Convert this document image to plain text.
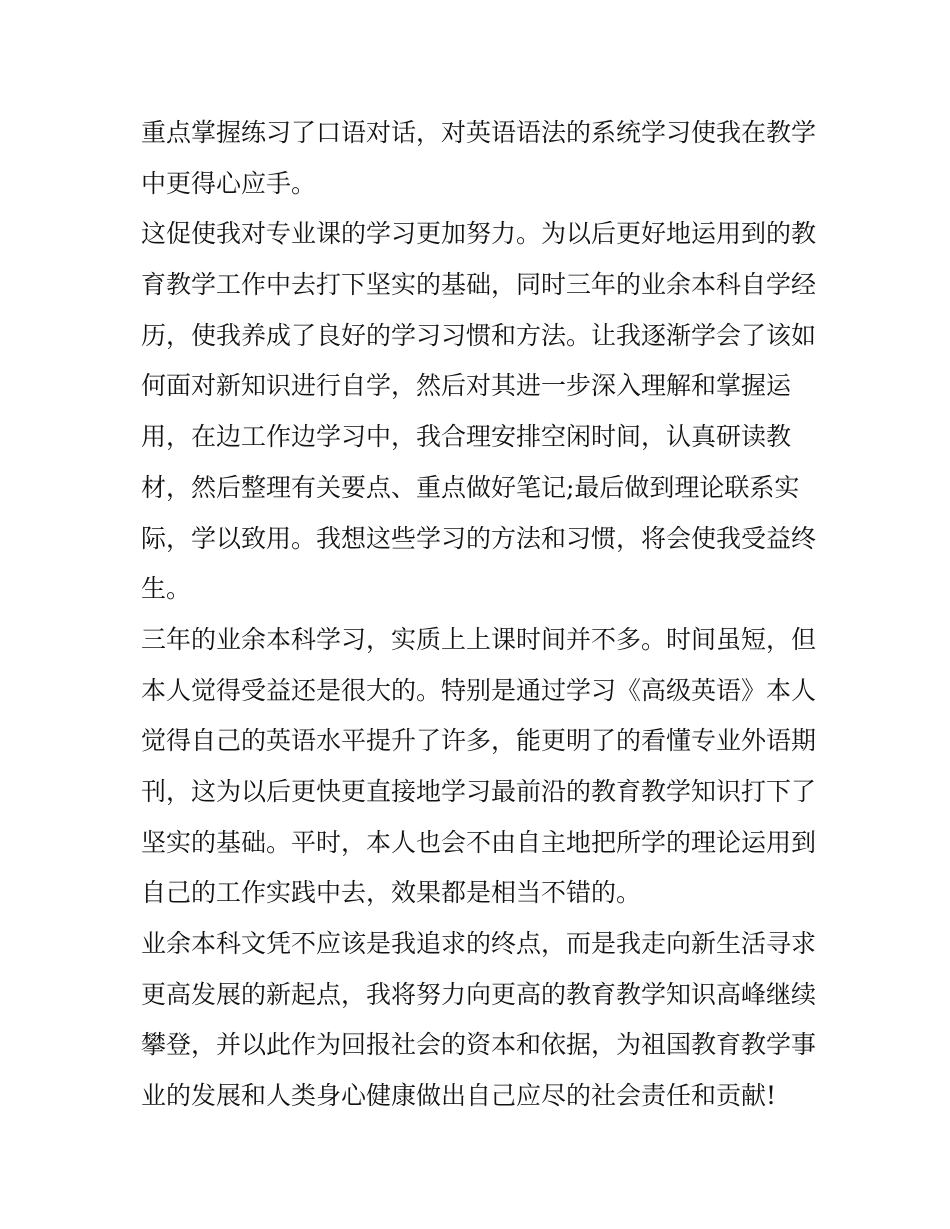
重点掌握练习了口语对话，对英语语法的系统学习使我在教学
中更得心应手。
这促使我对专业课的学习更加努力。为以后更好地运用到的教
育教学工作中去打下坚实的基础，同时三年的业余本科自学经
历，使我养成了良好的学习习惯和方法。让我逐渐学会了该如
何面对新知识进行自学，然后对其进一步深入理解和掌握运
用，在边工作边学习中，我合理安排空闲时间，认真研读教
材，然后整理有关要点、重点做好笔记;最后做到理论联系实
际，学以致用。我想这些学习的方法和习惯，将会使我受益终
生。
三年的业余本科学习，实质上上课时间并不多。时间虽短，但
本人觉得受益还是很大的。特别是通过学习《高级英语》本人
觉得自己的英语水平提升了许多，能更明了的看懂专业外语期
刊，这为以后更快更直接地学习最前沿的教育教学知识打下了
坚实的基础。平时，本人也会不由自主地把所学的理论运用到
自己的工作实践中去，效果都是相当不错的。
业余本科文凭不应该是我追求的终点，而是我走向新生活寻求
更高发展的新起点，我将努力向更高的教育教学知识高峰继续
攀登，并以此作为回报社会的资本和依据，为祖国教育教学事
业的发展和人类身心健康做出自己应尽的社会责任和贡献!
